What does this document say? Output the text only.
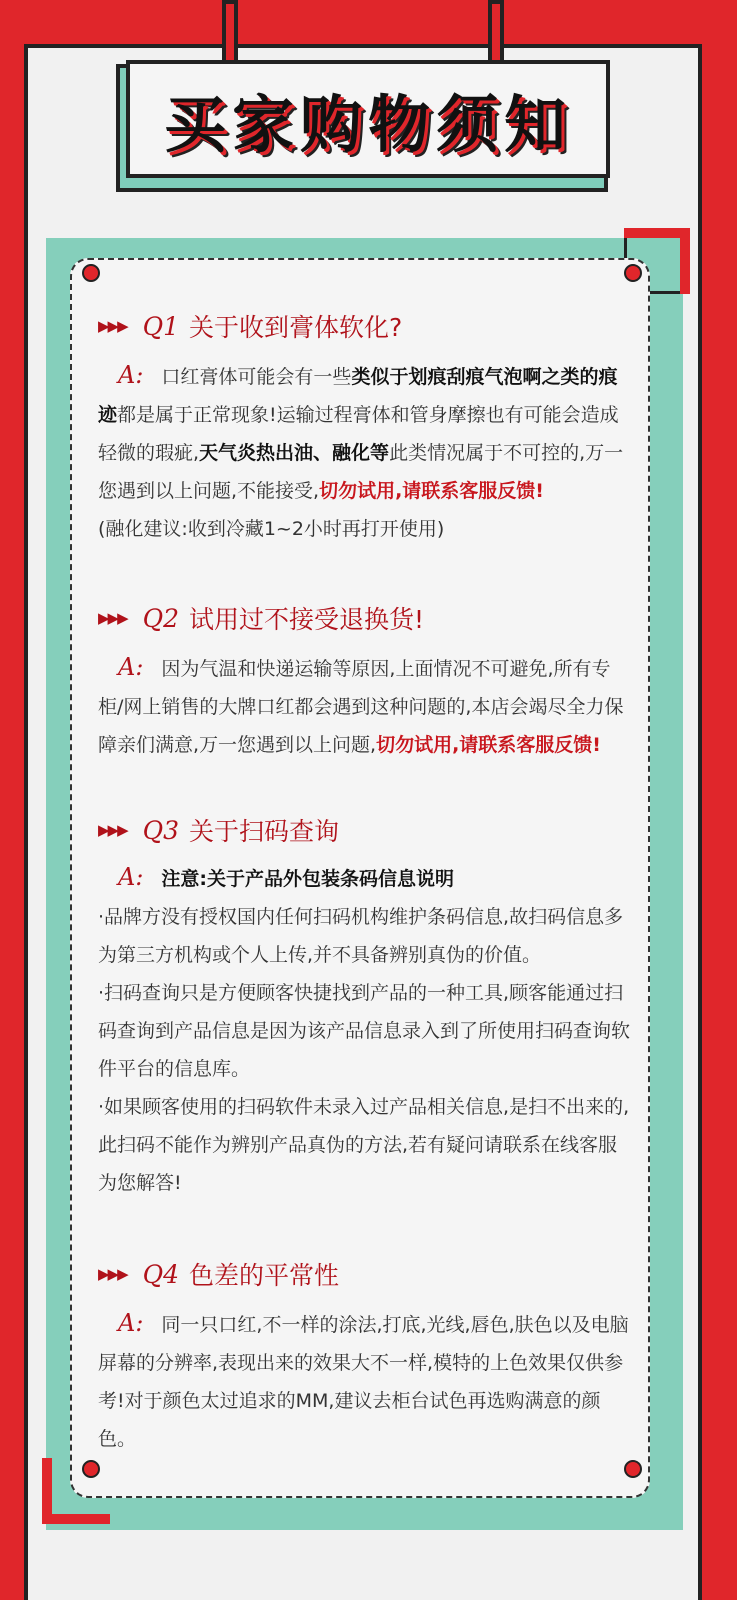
买家购物须知
▶▶▶ Q1 关于收到膏体软化?
A: 口红膏体可能会有一些类似于划痕刮痕气泡啊之类的痕迹都是属于正常现象!运输过程膏体和管身摩擦也有可能会造成轻微的瑕疵,天气炎热出油、融化等此类情况属于不可控的,万一您遇到以上问题,不能接受,切勿试用,请联系客服反馈!
(融化建议:收到冷藏1~2小时再打开使用)
▶▶▶ Q2 试用过不接受退换货!
A: 因为气温和快递运输等原因,上面情况不可避免,所有专柜/网上销售的大牌口红都会遇到这种问题的,本店会竭尽全力保障亲们满意,万一您遇到以上问题,切勿试用,请联系客服反馈!
▶▶▶ Q3 关于扫码查询
A: 注意:关于产品外包装条码信息说明
·品牌方没有授权国内任何扫码机构维护条码信息,故扫码信息多为第三方机构或个人上传,并不具备辨别真伪的价值。
·扫码查询只是方便顾客快捷找到产品的一种工具,顾客能通过扫码查询到产品信息是因为该产品信息录入到了所使用扫码查询软件平台的信息库。
·如果顾客使用的扫码软件未录入过产品相关信息,是扫不出来的,此扫码不能作为辨别产品真伪的方法,若有疑问请联系在线客服为您解答!
▶▶▶ Q4 色差的平常性
A: 同一只口红,不一样的涂法,打底,光线,唇色,肤色以及电脑屏幕的分辨率,表现出来的效果大不一样,模特的上色效果仅供参考!对于颜色太过追求的MM,建议去柜台试色再选购满意的颜色。
